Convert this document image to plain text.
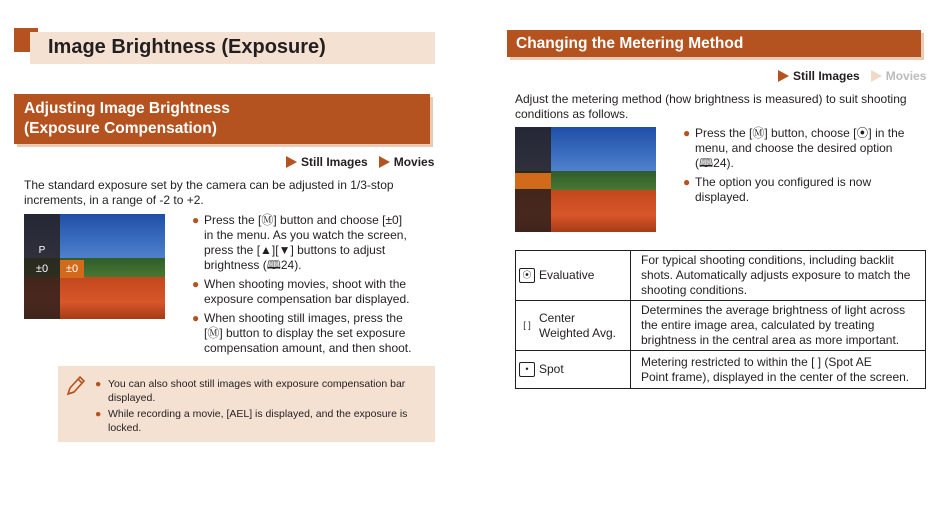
Image Brightness (Exposure)
Adjusting Image Brightness
(Exposure Compensation)
Still Images Movies
The standard exposure set by the camera can be adjusted in 1/3-stop
increments, in a range of -2 to +2.
P
±0	±0
● Press the [Ⓜ] button and choose [±0]
in the menu. As you watch the screen,
press the [▲][▼] buttons to adjust
brightness (🕮24).
● When shooting movies, shoot with the
exposure compensation bar displayed.
● When shooting still images, press the
[Ⓜ] button to display the set exposure
compensation amount, and then shoot.
● You can also shoot still images with exposure compensation bar
displayed.
● While recording a movie, [AEL] is displayed, and the exposure is
locked.
Changing the Metering Method
Still Images Movies
Adjust the metering method (how brightness is measured) to suit shooting
conditions as follows.
● Press the [Ⓜ] button, choose [⦿] in the
menu, and choose the desired option
(🕮24).
● The option you configured is now
displayed.
⦿ Evaluative	For typical shooting conditions, including backlit
shots. Automatically adjusts exposure to match the
shooting conditions.
[ ]Center
Weighted Avg.	Determines the average brightness of light across
the entire image area, calculated by treating
brightness in the central area as more important.
• Spot	Metering restricted to within the [ ] (Spot AE
Point frame), displayed in the center of the screen.
